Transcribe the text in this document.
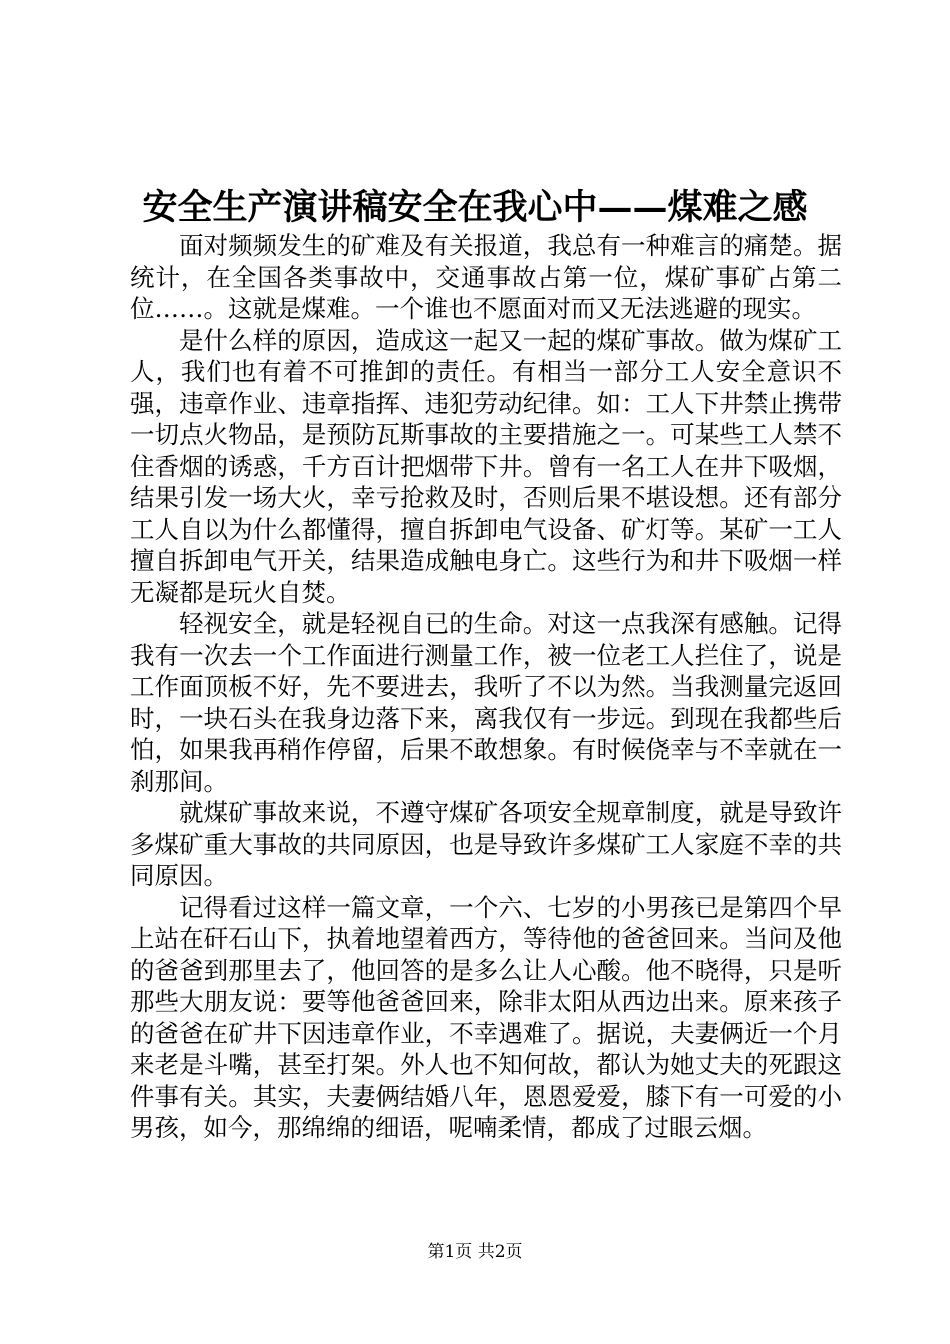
安全生产演讲稿安全在我心中——煤难之感

面对频频发生的矿难及有关报道，我总有一种难言的痛楚。据统计，在全国各类事故中，交通事故占第一位，煤矿事矿占第二位……。这就是煤难。一个谁也不愿面对而又无法逃避的现实。

是什么样的原因，造成这一起又一起的煤矿事故。做为煤矿工人，我们也有着不可推卸的责任。有相当一部分工人安全意识不强，违章作业、违章指挥、违犯劳动纪律。如：工人下井禁止携带一切点火物品，是预防瓦斯事故的主要措施之一。可某些工人禁不住香烟的诱惑，千方百计把烟带下井。曾有一名工人在井下吸烟，结果引发一场大火，幸亏抢救及时，否则后果不堪设想。还有部分工人自以为什么都懂得，擅自拆卸电气设备、矿灯等。某矿一工人擅自拆卸电气开关，结果造成触电身亡。这些行为和井下吸烟一样无凝都是玩火自焚。

轻视安全，就是轻视自已的生命。对这一点我深有感触。记得我有一次去一个工作面进行测量工作，被一位老工人拦住了，说是工作面顶板不好，先不要进去，我听了不以为然。当我测量完返回时，一块石头在我身边落下来，离我仅有一步远。到现在我都些后怕，如果我再稍作停留，后果不敢想象。有时候侥幸与不幸就在一刹那间。

就煤矿事故来说，不遵守煤矿各项安全规章制度，就是导致许多煤矿重大事故的共同原因，也是导致许多煤矿工人家庭不幸的共同原因。

记得看过这样一篇文章，一个六、七岁的小男孩已是第四个早上站在矸石山下，执着地望着西方，等待他的爸爸回来。当问及他的爸爸到那里去了，他回答的是多么让人心酸。他不晓得，只是听那些大朋友说：要等他爸爸回来，除非太阳从西边出来。原来孩子的爸爸在矿井下因违章作业，不幸遇难了。据说，夫妻俩近一个月来老是斗嘴，甚至打架。外人也不知何故，都认为她丈夫的死跟这件事有关。其实，夫妻俩结婚八年，恩恩爱爱，膝下有一可爱的小男孩，如今，那绵绵的细语，呢喃柔情，都成了过眼云烟。

第1页 共2页
